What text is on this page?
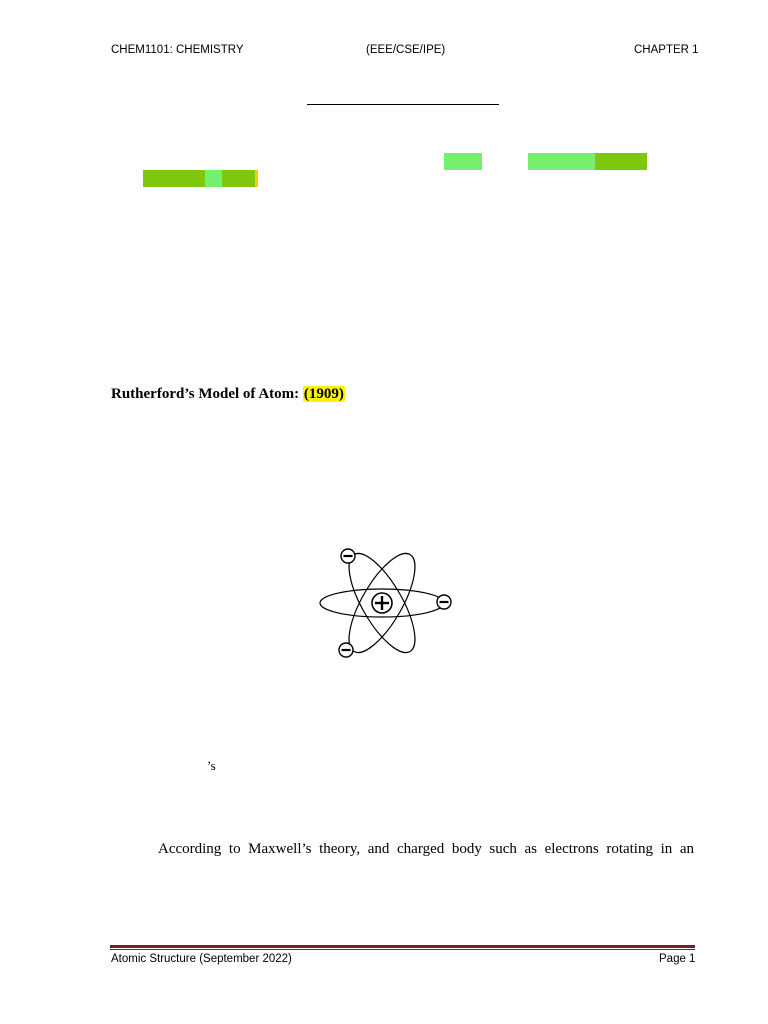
CHEM1101: CHEMISTRY	(EEE/CSE/IPE)	CHAPTER 1
Rutherford’s Model of Atom: (1909)
’s
According to Maxwell’s theory, and charged body such as electrons rotating in an
Atomic Structure (September 2022)	Page 1
